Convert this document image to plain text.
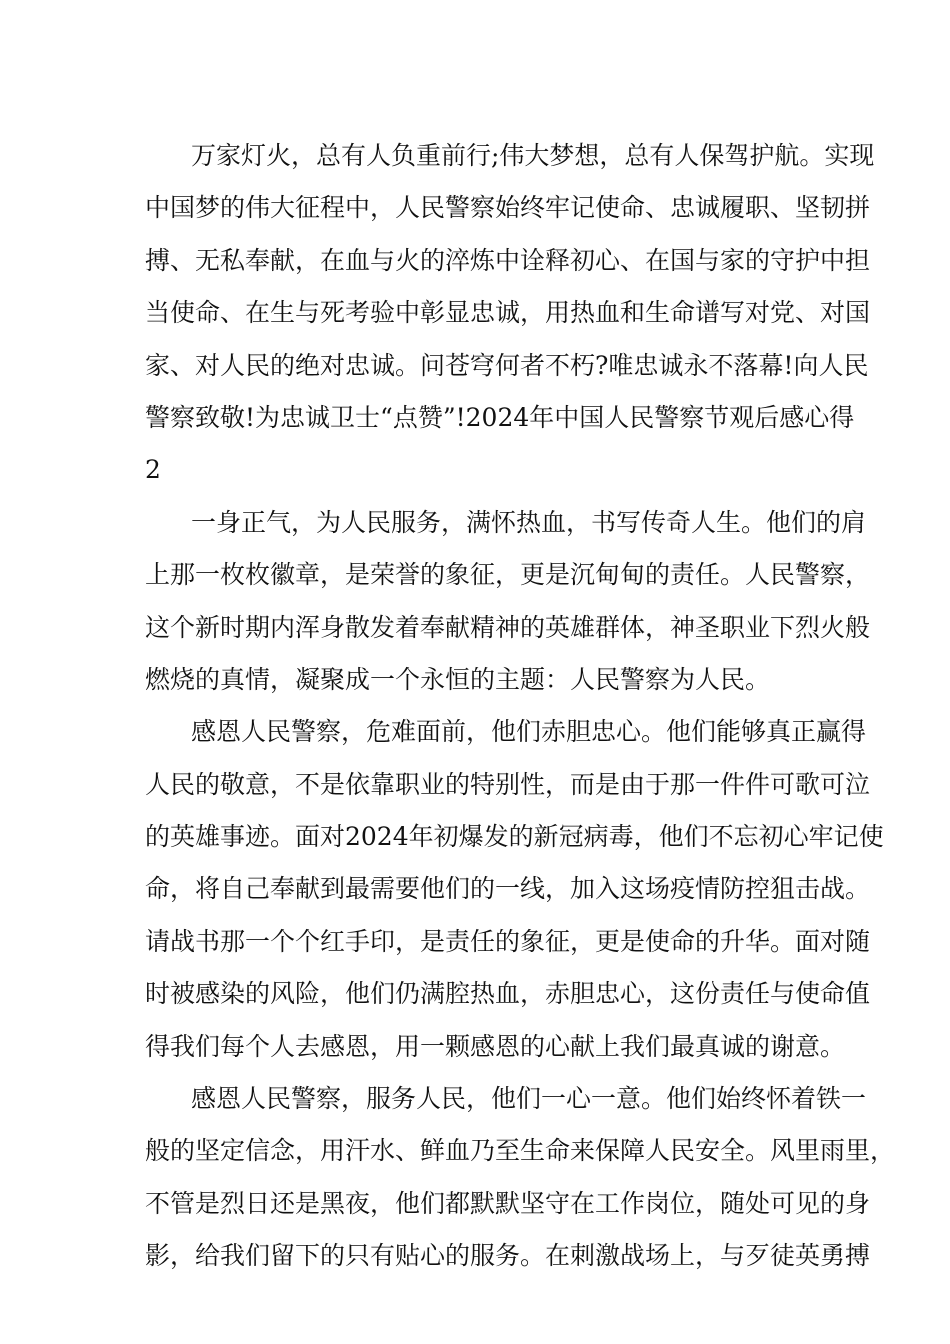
万家灯火，总有人负重前行;伟大梦想，总有人保驾护航。实现
中国梦的伟大征程中，人民警察始终牢记使命、忠诚履职、坚韧拼
搏、无私奉献，在血与火的淬炼中诠释初心、在国与家的守护中担
当使命、在生与死考验中彰显忠诚，用热血和生命谱写对党、对国
家、对人民的绝对忠诚。问苍穹何者不朽?唯忠诚永不落幕!向人民
警察致敬!为忠诚卫士“点赞”!2024年中国人民警察节观后感心得
2
一身正气，为人民服务，满怀热血，书写传奇人生。他们的肩
上那一枚枚徽章，是荣誉的象征，更是沉甸甸的责任。人民警察，
这个新时期内浑身散发着奉献精神的英雄群体，神圣职业下烈火般
燃烧的真情，凝聚成一个永恒的主题：人民警察为人民。
感恩人民警察，危难面前，他们赤胆忠心。他们能够真正赢得
人民的敬意，不是依靠职业的特别性，而是由于那一件件可歌可泣
的英雄事迹。面对2024年初爆发的新冠病毒，他们不忘初心牢记使
命，将自己奉献到最需要他们的一线，加入这场疫情防控狙击战。
请战书那一个个红手印，是责任的象征，更是使命的升华。面对随
时被感染的风险，他们仍满腔热血，赤胆忠心，这份责任与使命值
得我们每个人去感恩，用一颗感恩的心献上我们最真诚的谢意。
感恩人民警察，服务人民，他们一心一意。他们始终怀着铁一
般的坚定信念，用汗水、鲜血乃至生命来保障人民安全。风里雨里，
不管是烈日还是黑夜，他们都默默坚守在工作岗位，随处可见的身
影，给我们留下的只有贴心的服务。在刺激战场上，与歹徒英勇搏
